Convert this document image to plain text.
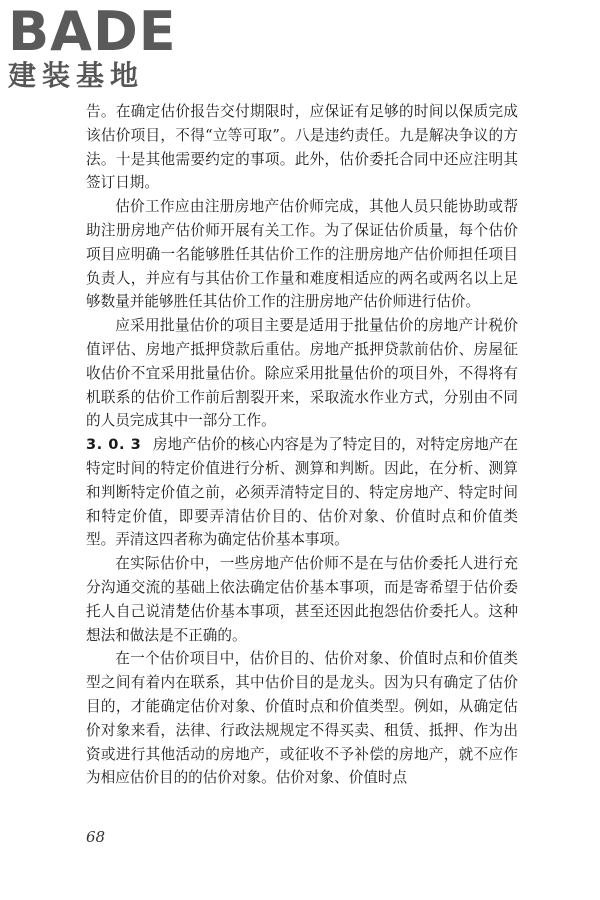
BADE
建装基地

告。在确定估价报告交付期限时，应保证有足够的时间以保质完成该估价项目，不得“立等可取”。八是违约责任。九是解决争议的方法。十是其他需要约定的事项。此外，估价委托合同中还应注明其签订日期。

估价工作应由注册房地产估价师完成，其他人员只能协助或帮助注册房地产估价师开展有关工作。为了保证估价质量，每个估价项目应明确一名能够胜任其估价工作的注册房地产估价师担任项目负责人，并应有与其估价工作量和难度相适应的两名或两名以上足够数量并能够胜任其估价工作的注册房地产估价师进行估价。

应采用批量估价的项目主要是适用于批量估价的房地产计税价值评估、房地产抵押贷款后重估。房地产抵押贷款前估价、房屋征收估价不宜采用批量估价。除应采用批量估价的项目外，不得将有机联系的估价工作前后割裂开来，采取流水作业方式，分别由不同的人员完成其中一部分工作。

3. 0. 3 房地产估价的核心内容是为了特定目的，对特定房地产在特定时间的特定价值进行分析、测算和判断。因此，在分析、测算和判断特定价值之前，必须弄清特定目的、特定房地产、特定时间和特定价值，即要弄清估价目的、估价对象、价值时点和价值类型。弄清这四者称为确定估价基本事项。

在实际估价中，一些房地产估价师不是在与估价委托人进行充分沟通交流的基础上依法确定估价基本事项，而是寄希望于估价委托人自己说清楚估价基本事项，甚至还因此抱怨估价委托人。这种想法和做法是不正确的。

在一个估价项目中，估价目的、估价对象、价值时点和价值类型之间有着内在联系，其中估价目的是龙头。因为只有确定了估价目的，才能确定估价对象、价值时点和价值类型。例如，从确定估价对象来看，法律、行政法规规定不得买卖、租赁、抵押、作为出资或进行其他活动的房地产，或征收不予补偿的房地产，就不应作为相应估价目的的估价对象。估价对象、价值时点

68
